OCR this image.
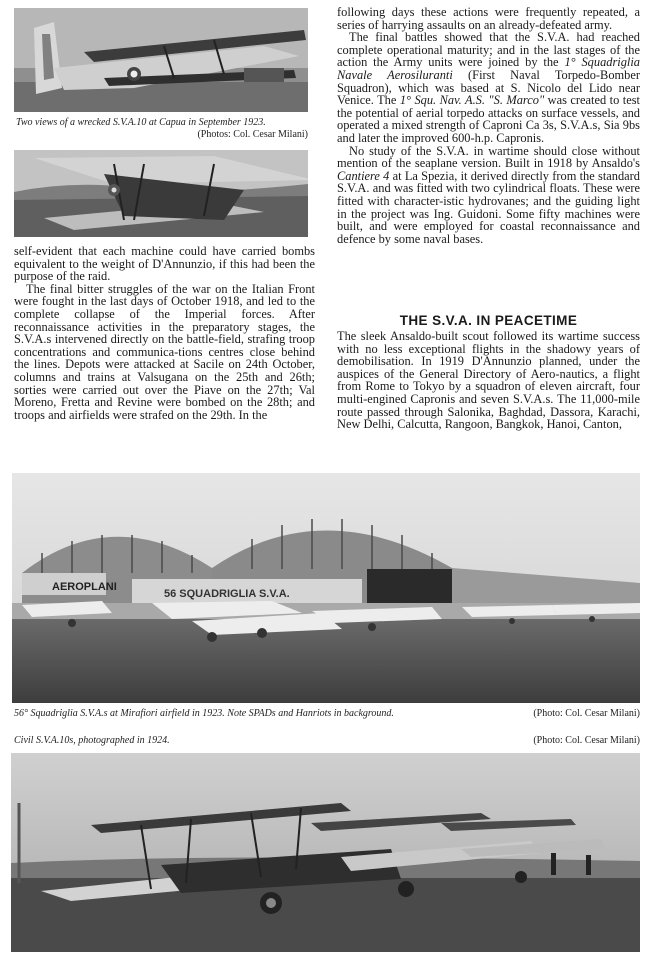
Two views of a wrecked S.V.A.10 at Capua in September 1923.
(Photos: Col. Cesar Milani)

self-evident that each machine could have carried bombs equivalent to the weight of D'Annunzio, if this had been the purpose of the raid.

The final bitter struggles of the war on the Italian Front were fought in the last days of October 1918, and led to the complete collapse of the Imperial forces. After reconnaissance activities in the preparatory stages, the S.V.A.s intervened directly on the battle-field, strafing troop concentrations and communica-tions centres close behind the lines. Depots were attacked at Sacile on 24th October, columns and trains at Valsugana on the 25th and 26th; sorties were carried out over the Piave on the 27th; Val Moreno, Fretta and Revine were bombed on the 28th; and troops and airfields were strafed on the 29th. In the

following days these actions were frequently repeated, a series of harrying assaults on an already-defeated army.

The final battles showed that the S.V.A. had reached complete operational maturity; and in the last stages of the action the Army units were joined by the 1° Squadriglia Navale Aerosiluranti (First Naval Torpedo-Bomber Squadron), which was based at S. Nicolo del Lido near Venice. The 1° Squ. Nav. A.S. "S. Marco" was created to test the potential of aerial torpedo attacks on surface vessels, and operated a mixed strength of Caproni Ca 3s, S.V.A.s, Sia 9bs and later the improved 600-h.p. Capronis.

No study of the S.V.A. in wartime should close without mention of the seaplane version. Built in 1918 by Ansaldo's Cantiere 4 at La Spezia, it derived directly from the standard S.V.A. and was fitted with two cylindrical floats. These were fitted with character-istic hydrovanes; and the guiding light in the project was Ing. Guidoni. Some fifty machines were built, and were employed for coastal reconnaissance and defence by some naval bases.

THE S.V.A. IN PEACETIME

The sleek Ansaldo-built scout followed its wartime success with no less exceptional flights in the shadowy years of demobilisation. In 1919 D'Annunzio planned, under the auspices of the General Directory of Aero-nautics, a flight from Rome to Tokyo by a squadron of eleven aircraft, four multi-engined Capronis and seven S.V.A.s. The 11,000-mile route passed through Salonika, Baghdad, Dassora, Karachi, New Delhi, Calcutta, Rangoon, Bangkok, Hanoi, Canton,

AEROPLANI
56 SQUADRIGLIA S.V.A.
56° Squadriglia S.V.A.s at Mirafiori airfield in 1923. Note SPADs and Hanriots in background.	(Photo: Col. Cesar Milani)
Civil S.V.A.10s, photographed in 1924.	(Photo: Col. Cesar Milani)
